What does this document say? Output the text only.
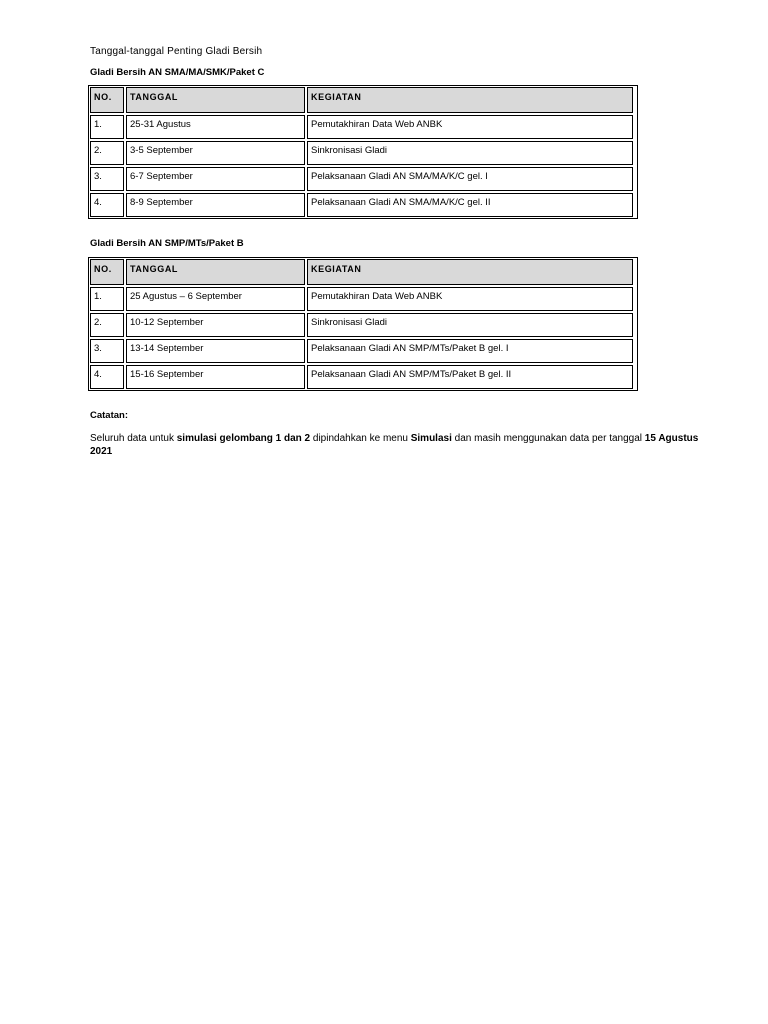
Tanggal-tanggal Penting Gladi Bersih
Gladi Bersih AN SMA/MA/SMK/Paket C
NO.	TANGGAL	KEGIATAN
1.	25-31 Agustus	Pemutakhiran Data Web ANBK
2.	3-5 September	Sinkronisasi Gladi
3.	6-7 September	Pelaksanaan Gladi AN SMA/MA/K/C gel. I
4.	8-9 September	Pelaksanaan Gladi AN SMA/MA/K/C gel. II
Gladi Bersih AN SMP/MTs/Paket B
NO.	TANGGAL	KEGIATAN
1.	25 Agustus – 6 September	Pemutakhiran Data Web ANBK
2.	10-12 September	Sinkronisasi Gladi
3.	13-14 September	Pelaksanaan Gladi AN SMP/MTs/Paket B gel. I
4.	15-16 September	Pelaksanaan Gladi AN SMP/MTs/Paket B gel. II
Catatan:
Seluruh data untuk simulasi gelombang 1 dan 2 dipindahkan ke menu Simulasi dan masih menggunakan data per tanggal 15 Agustus 2021
